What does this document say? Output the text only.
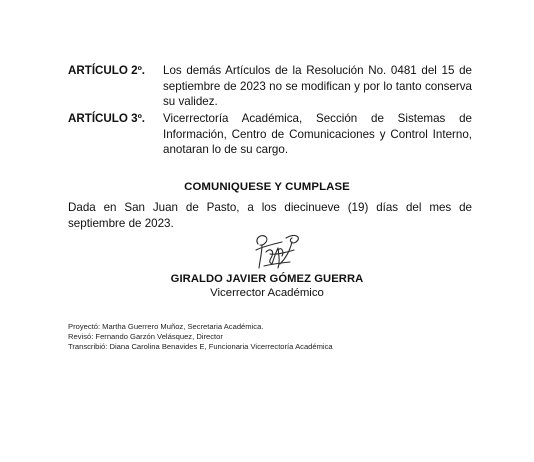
ARTÍCULO 2º. Los demás Artículos de la Resolución No. 0481 del 15 de septiembre de 2023 no se modifican y por lo tanto conserva su validez.
ARTÍCULO 3º. Vicerrectoría Académica, Sección de Sistemas de Información, Centro de Comunicaciones y Control Interno, anotaran lo de su cargo.
COMUNIQUESE Y CUMPLASE
Dada en San Juan de Pasto, a los diecinueve (19) días del mes de septiembre de 2023.
GIRALDO JAVIER GÓMEZ GUERRA
Vicerrector Académico
Proyectó: Martha Guerrero Muñoz, Secretaria Académica.
Revisó: Fernando Garzón Velásquez, Director
Transcribió: Diana Carolina Benavides E, Funcionaria Vicerrectoría Académica
